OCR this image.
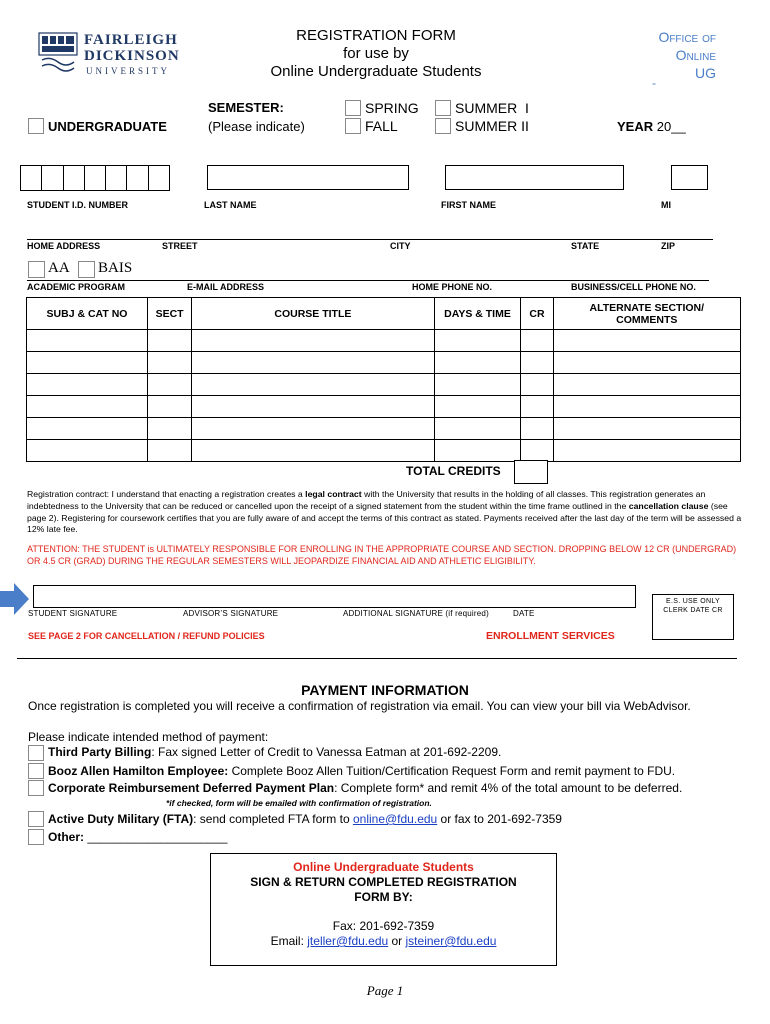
FAIRLEIGH
DICKINSON
UNIVERSITY
REGISTRATION FORM
for use by
Online Undergraduate Students
Office of
Online
UG
-
UNDERGRADUATE
SEMESTER:
(Please indicate)
SPRING
FALL
SUMMER  I
SUMMER II	YEAR 20__
STUDENT I.D. NUMBER	LAST NAME	FIRST NAME	MI
HOME ADDRESS	STREET	CITY	STATE	ZIP
AA BAIS
ACADEMIC PROGRAM	E-MAIL ADDRESS	HOME PHONE NO.	BUSINESS/CELL PHONE NO.
SUBJ & CAT NO	SECT	COURSE TITLE	DAYS & TIME	CR	ALTERNATE SECTION/ COMMENTS

TOTAL CREDITS
Registration contract: I understand that enacting a registration creates a legal contract with the University that results in the holding of all classes. This registration generates an indebtedness to the University that can be reduced or cancelled upon the receipt of a signed statement from the student within the time frame outlined in the cancellation clause (see page 2). Registering for coursework certifies that you are fully aware of and accept the terms of this contract as stated. Payments received after the last day of the term will be assessed a 12% late fee.
ATTENTION: THE STUDENT is ULTIMATELY RESPONSIBLE FOR ENROLLING IN THE APPROPRIATE COURSE AND SECTION. DROPPING BELOW 12 CR (UNDERGRAD) OR 4.5 CR (GRAD) DURING THE REGULAR SEMESTERS WILL JEOPARDIZE FINANCIAL AID AND ATHLETIC ELIGIBILITY.
STUDENT SIGNATURE	ADVISOR’S SIGNATURE	ADDITIONAL SIGNATURE (if required)	DATE
E.S. USE ONLY
CLERK DATE CR
SEE PAGE 2 FOR CANCELLATION / REFUND POLICIES	ENROLLMENT SERVICES
PAYMENT INFORMATION
Once registration is completed you will receive a confirmation of registration via email. You can view your bill via WebAdvisor.
Please indicate intended method of payment:
Third Party Billing: Fax signed Letter of Credit to Vanessa Eatman at 201-692-2209.
Booz Allen Hamilton Employee: Complete Booz Allen Tuition/Certification Request Form and remit payment to FDU.
Corporate Reimbursement Deferred Payment Plan: Complete form* and remit 4% of the total amount to be deferred.
*if checked, form will be emailed with confirmation of registration.
Active Duty Military (FTA): send completed FTA form to online@fdu.edu or fax to 201-692-7359
Other: _____________________
Online Undergraduate Students
SIGN & RETURN COMPLETED REGISTRATION
FORM BY:
Fax: 201-692-7359
Email: jteller@fdu.edu or jsteiner@fdu.edu
Page 1
